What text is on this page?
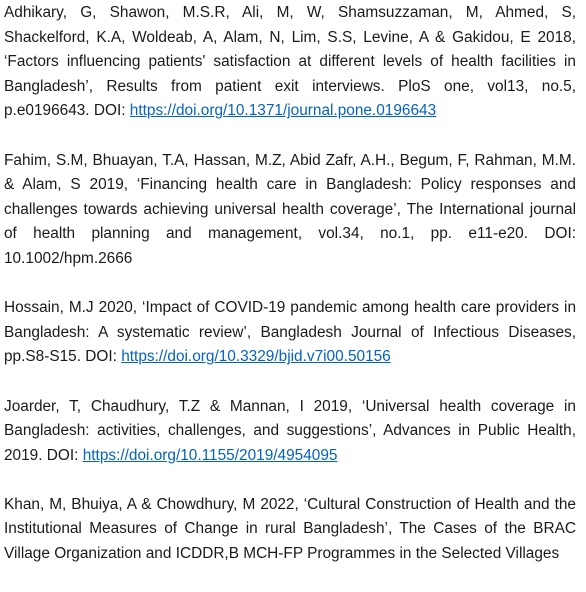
Adhikary, G, Shawon, M.S.R, Ali, M, W, Shamsuzzaman, M, Ahmed, S, Shackelford, K.A, Woldeab, A, Alam, N, Lim, S.S, Levine, A & Gakidou, E 2018, ‘Factors influencing patients' satisfaction at different levels of health facilities in Bangladesh’, Results from patient exit interviews. PloS one, vol13, no.5, p.e0196643. DOI: https://doi.org/10.1371/journal.pone.0196643

Fahim, S.M, Bhuayan, T.A, Hassan, M.Z, Abid Zafr, A.H., Begum, F, Rahman, M.M. & Alam, S 2019, ‘Financing health care in Bangladesh: Policy responses and challenges towards achieving universal health coverage’, The International journal of health planning and management, vol.34, no.1, pp. e11-e20. DOI: 10.1002/hpm.2666

Hossain, M.J 2020, ‘Impact of COVID-19 pandemic among health care providers in Bangladesh: A systematic review’, Bangladesh Journal of Infectious Diseases, pp.S8-S15. DOI: https://doi.org/10.3329/bjid.v7i00.50156

Joarder, T, Chaudhury, T.Z & Mannan, I 2019, ‘Universal health coverage in Bangladesh: activities, challenges, and suggestions’, Advances in Public Health, 2019. DOI: https://doi.org/10.1155/2019/4954095

Khan, M, Bhuiya, A & Chowdhury, M 2022, ‘Cultural Construction of Health and the Institutional Measures of Change in rural Bangladesh’, The Cases of the BRAC Village Organization and ICDDR,B MCH-FP Programmes in the Selected Villages
